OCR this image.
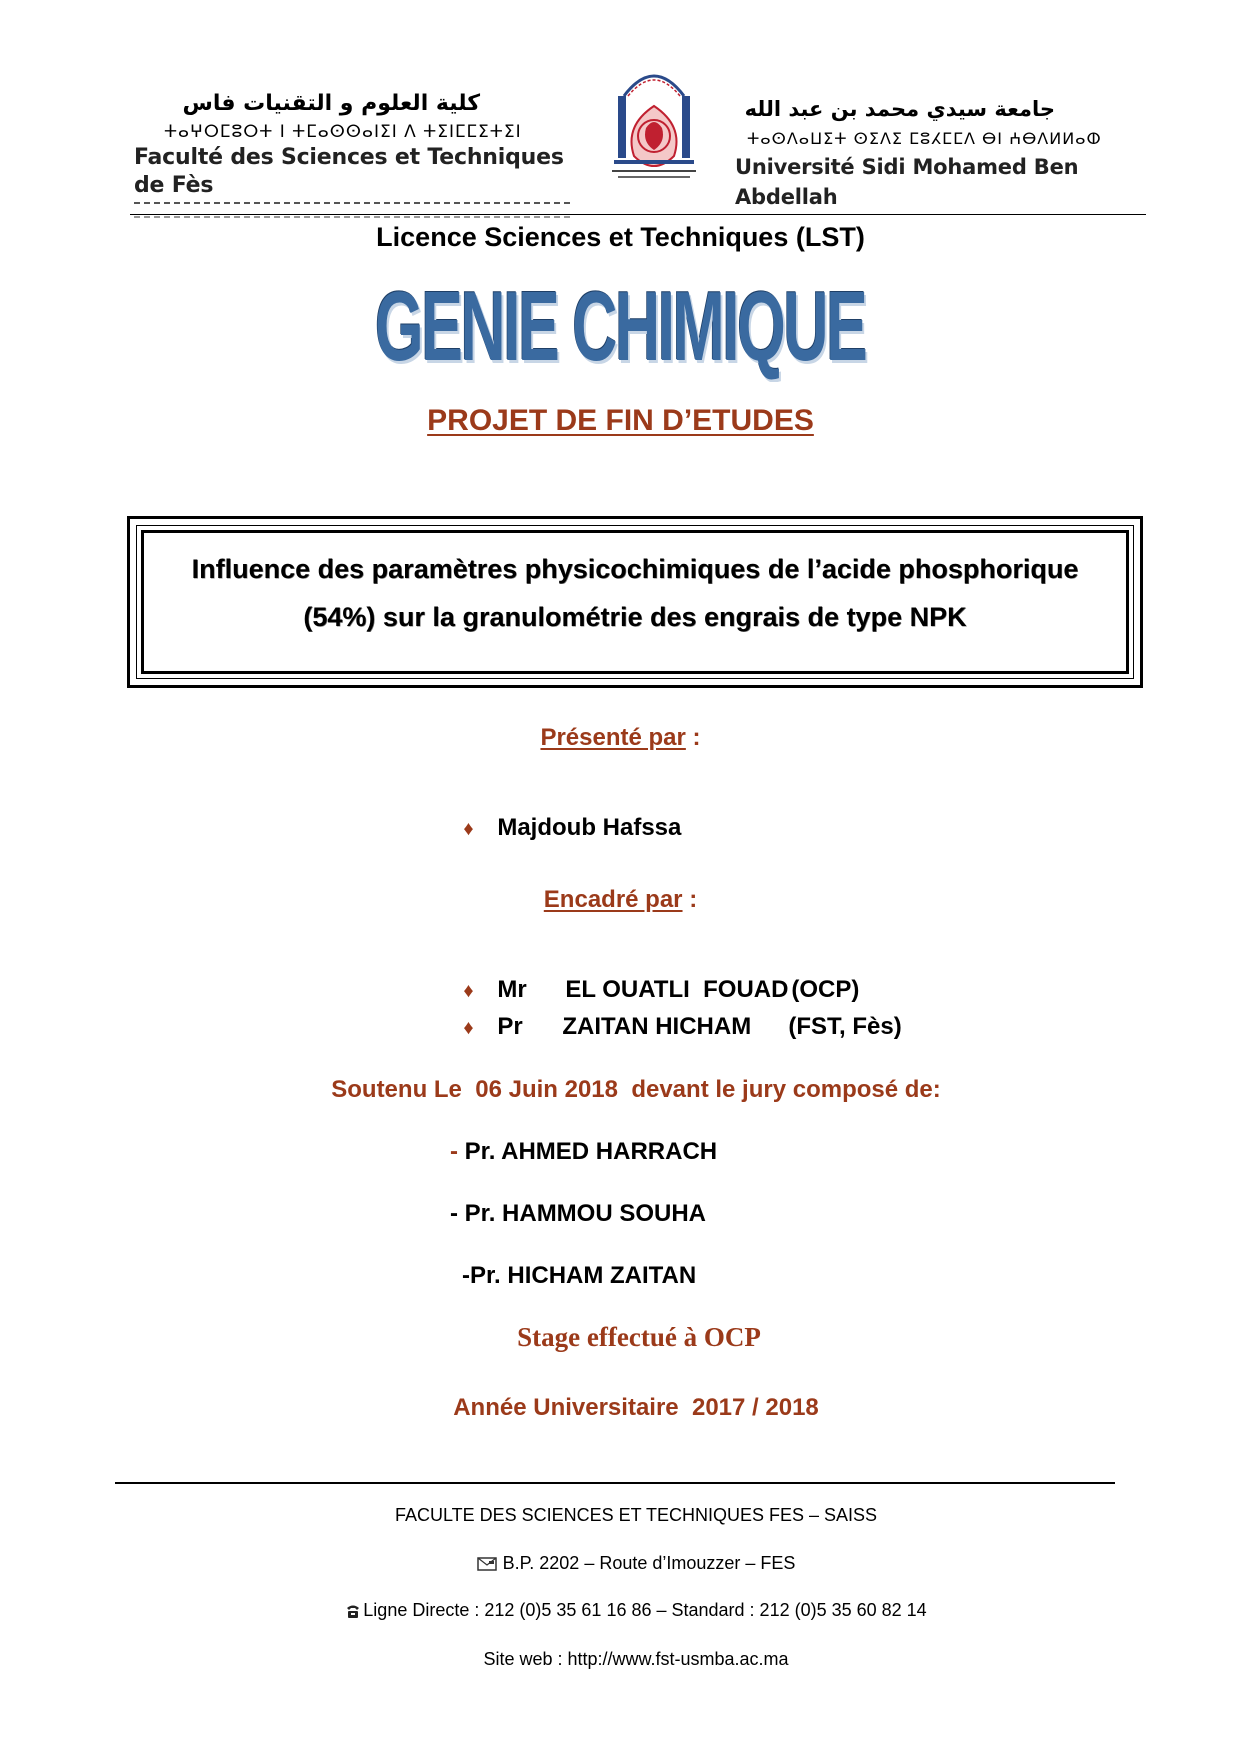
كلية العلوم و التقنيات فاس
ⵜⴰⵖⵔⵎⵓⵔⵜ ⵏ ⵜⵎⴰⵙⵙⴰⵏⵉⵏ ⴷ ⵜⵉⵏⵎⵎⵉⵜⵉⵏ
Faculté des Sciences et Techniques de Fès
جامعة سيدي محمد بن عبد الله
ⵜⴰⵙⴷⴰⵡⵉⵜ ⵙⵉⴷⵉ ⵎⵓⵃⵎⵎⴷ ⴱⵏ ⵄⴱⴷⵍⵍⴰⵀ
Université Sidi Mohamed Ben Abdellah
Licence Sciences et Techniques (LST)
GENIE CHIMIQUE
PROJET DE FIN D’ETUDES
Influence des paramètres physicochimiques de l’acide phosphorique
(54%) sur la granulométrie des engrais de type NPK
Présenté par :

♦ Majdoub Hafssa

Encadré par :

♦ Mr EL OUATLI  FOUAD (OCP)

♦ Pr ZAITAN HICHAM (FST, Fès)

Soutenu Le  06 Juin 2018  devant le jury composé de:
- Pr. AHMED HARRACH
- Pr. HAMMOU SOUHA
-Pr. HICHAM ZAITAN
Stage effectué à OCP
Année Universitaire  2017 / 2018
FACULTE DES SCIENCES ET TECHNIQUES FES – SAISS
B.P. 2202 – Route d’Imouzzer – FES
Ligne Directe : 212 (0)5 35 61 16 86 – Standard : 212 (0)5 35 60 82 14
Site web : http://www.fst-usmba.ac.ma
